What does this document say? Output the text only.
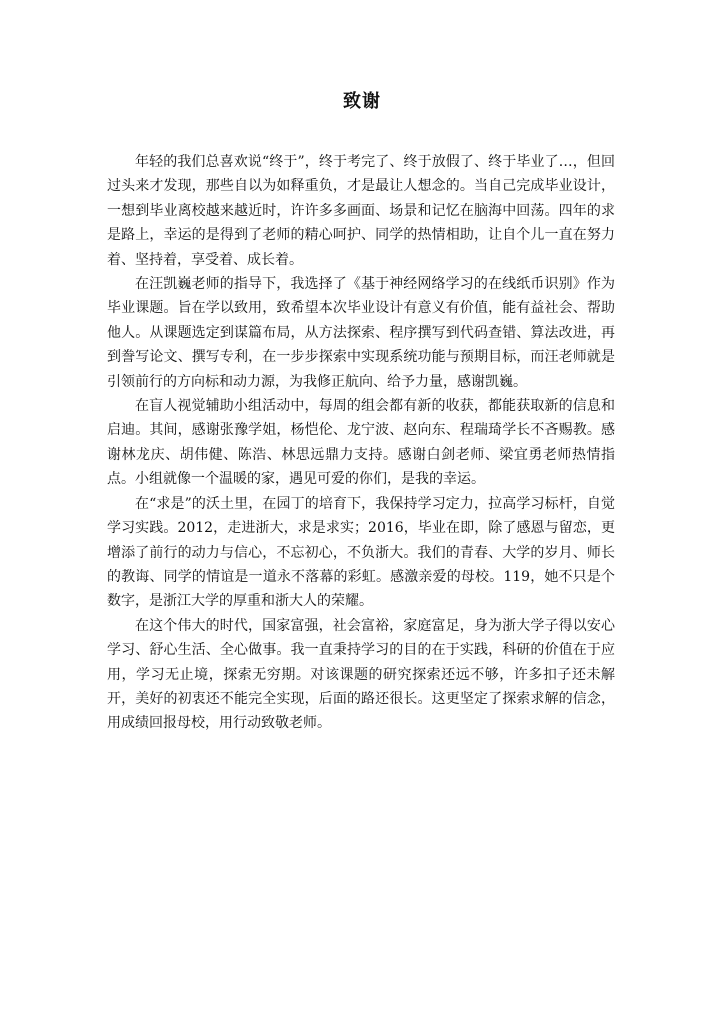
致谢

年轻的我们总喜欢说“终于”，终于考完了、终于放假了、终于毕业了…，但回过头来才发现，那些自以为如释重负，才是最让人想念的。当自己完成毕业设计，一想到毕业离校越来越近时，许许多多画面、场景和记忆在脑海中回荡。四年的求是路上，幸运的是得到了老师的精心呵护、同学的热情相助，让自个儿一直在努力着、坚持着，享受着、成长着。

在汪凯巍老师的指导下，我选择了《基于神经网络学习的在线纸币识别》作为毕业课题。旨在学以致用，致希望本次毕业设计有意义有价值，能有益社会、帮助他人。从课题选定到谋篇布局，从方法探索、程序撰写到代码查错、算法改进，再到誊写论文、撰写专利，在一步步探索中实现系统功能与预期目标，而汪老师就是引领前行的方向标和动力源，为我修正航向、给予力量，感谢凯巍。

在盲人视觉辅助小组活动中，每周的组会都有新的收获，都能获取新的信息和启迪。其间，感谢张豫学姐，杨恺伦、龙宁波、赵向东、程瑞琦学长不吝赐教。感谢林龙庆、胡伟健、陈浩、林思远鼎力支持。感谢白剑老师、梁宜勇老师热情指点。小组就像一个温暖的家，遇见可爱的你们，是我的幸运。

在“求是”的沃土里，在园丁的培育下，我保持学习定力，拉高学习标杆，自觉学习实践。2012，走进浙大，求是求实；2016，毕业在即，除了感恩与留恋，更增添了前行的动力与信心，不忘初心，不负浙大。我们的青春、大学的岁月、师长的教诲、同学的情谊是一道永不落幕的彩虹。感激亲爱的母校。119，她不只是个数字，是浙江大学的厚重和浙大人的荣耀。

在这个伟大的时代，国家富强，社会富裕，家庭富足，身为浙大学子得以安心学习、舒心生活、全心做事。我一直秉持学习的目的在于实践，科研的价值在于应用，学习无止境，探索无穷期。对该课题的研究探索还远不够，许多扣子还未解开，美好的初衷还不能完全实现，后面的路还很长。这更坚定了探索求解的信念，用成绩回报母校，用行动致敬老师。
